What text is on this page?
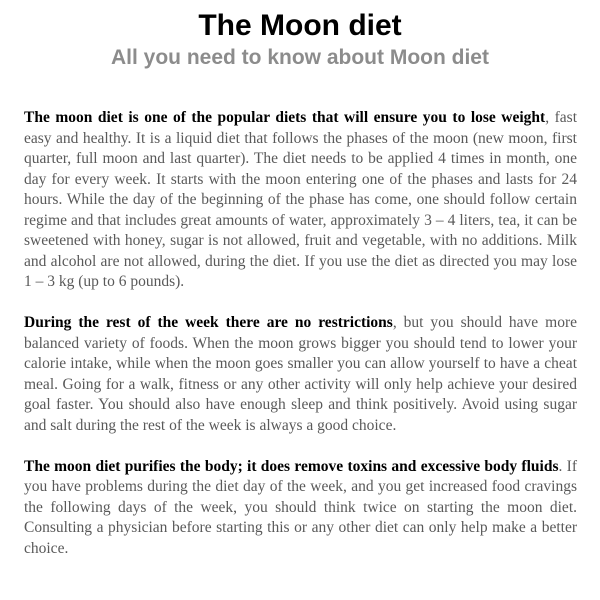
The Moon diet
All you need to know about Moon diet

The moon diet is one of the popular diets that will ensure you to lose weight, fast easy and healthy. It is a liquid diet that follows the phases of the moon (new moon, first quarter, full moon and last quarter). The diet needs to be applied 4 times in month, one day for every week. It starts with the moon entering one of the phases and lasts for 24 hours. While the day of the beginning of the phase has come, one should follow certain regime and that includes great amounts of water, approximately 3 – 4 liters, tea, it can be sweetened with honey, sugar is not allowed, fruit and vegetable, with no additions. Milk and alcohol are not allowed, during the diet. If you use the diet as directed you may lose 1 – 3 kg (up to 6 pounds).

During the rest of the week there are no restrictions, but you should have more balanced variety of foods. When the moon grows bigger you should tend to lower your calorie intake, while when the moon goes smaller you can allow yourself to have a cheat meal. Going for a walk, fitness or any other activity will only help achieve your desired goal faster. You should also have enough sleep and think positively. Avoid using sugar and salt during the rest of the week is always a good choice.

The moon diet purifies the body; it does remove toxins and excessive body fluids. If you have problems during the diet day of the week, and you get increased food cravings the following days of the week, you should think twice on starting the moon diet. Consulting a physician before starting this or any other diet can only help make a better choice.
